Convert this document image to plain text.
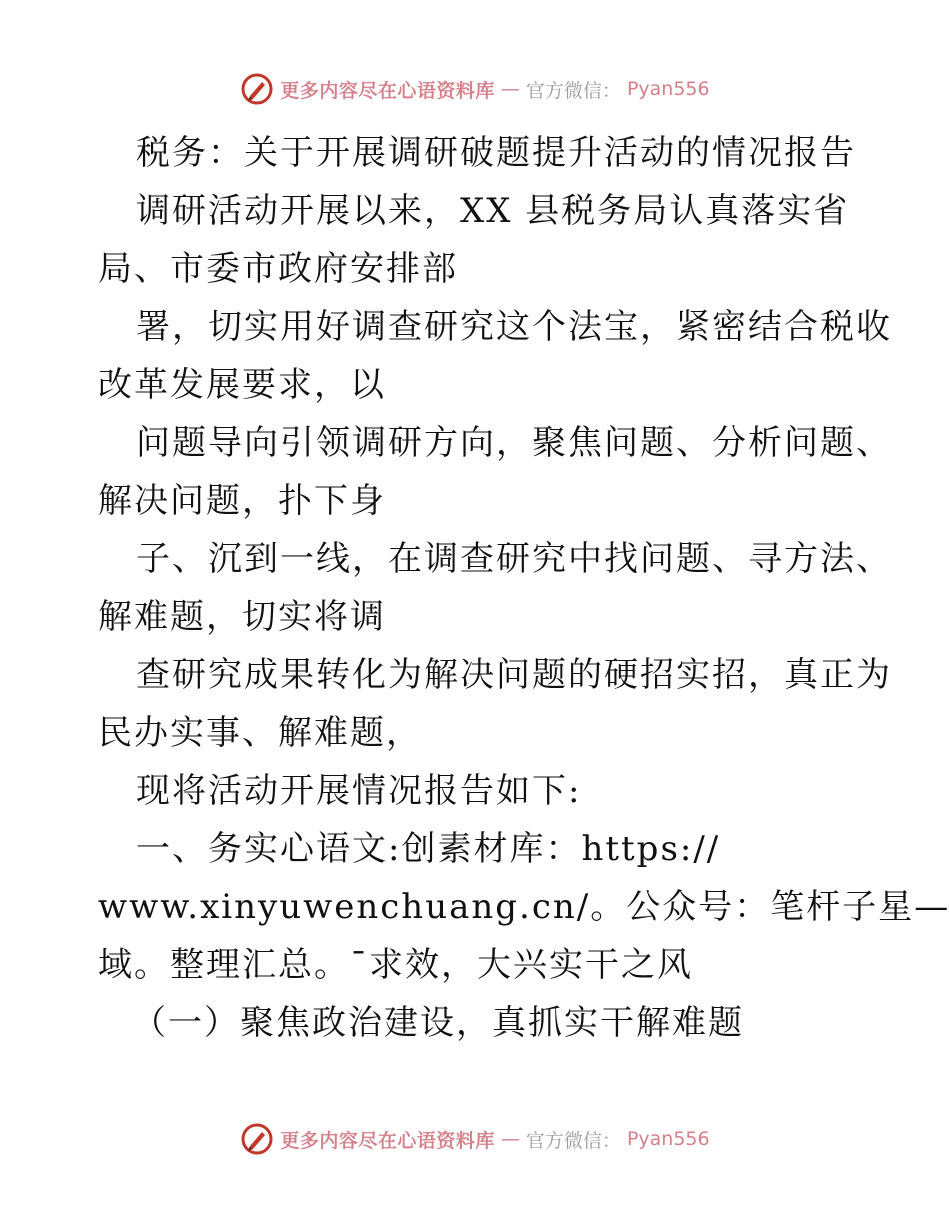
更多内容尽在心语资料库 — 官方微信： Pyan556
税务：关于开展调研破题提升活动的情况报告
调研活动开展以来，XX 县税务局认真落实省
局、市委市政府安排部
署，切实用好调查研究这个法宝，紧密结合税收
改革发展要求，以
问题导向引领调研方向，聚焦问题、分析问题、
解决问题，扑下身
子、沉到一线，在调查研究中找问题、寻方法、
解难题，切实将调
查研究成果转化为解决问题的硬招实招，真正为
民办实事、解难题，
现将活动开展情况报告如下:
一、务实心语文:创素材库：https://
www.xinyuwenchuang.cn/。公众号：笔杆子星—
域。整理汇总。¯求效，大兴实干之风
（一）聚焦政治建设，真抓实干解难题
更多内容尽在心语资料库 — 官方微信： Pyan556
